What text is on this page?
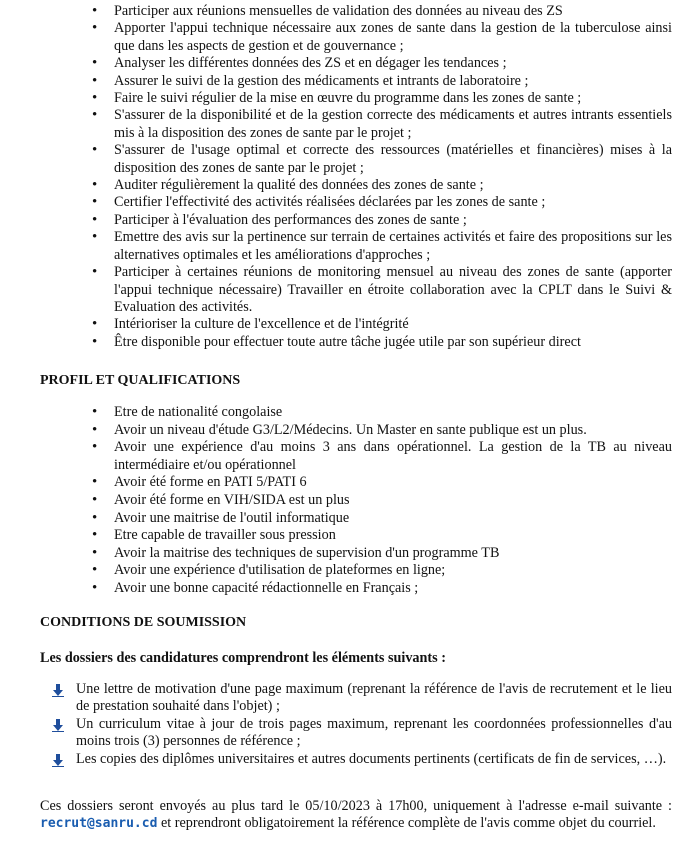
• Participer aux réunions mensuelles de validation des données au niveau des ZS
• Apporter l'appui technique nécessaire aux zones de sante dans la gestion de la tuberculose ainsi que dans les aspects de gestion et de gouvernance ;
• Analyser les différentes données des ZS et en dégager les tendances ;
• Assurer le suivi de la gestion des médicaments et intrants de laboratoire ;
• Faire le suivi régulier de la mise en œuvre du programme dans les zones de sante ;
• S'assurer de la disponibilité et de la gestion correcte des médicaments et autres intrants essentiels mis à la disposition des zones de sante par le projet ;
• S'assurer de l'usage optimal et correcte des ressources (matérielles et financières) mises à la disposition des zones de sante par le projet ;
• Auditer régulièrement la qualité des données des zones de sante ;
• Certifier l'effectivité des activités réalisées déclarées par les zones de sante ;
• Participer à l'évaluation des performances des zones de sante ;
• Emettre des avis sur la pertinence sur terrain de certaines activités et faire des propositions sur les alternatives optimales et les améliorations d'approches ;
• Participer à certaines réunions de monitoring mensuel au niveau des zones de sante (apporter l'appui technique nécessaire) Travailler en étroite collaboration avec la CPLT dans le Suivi & Evaluation des activités.
• Intérioriser la culture de l'excellence et de l'intégrité
• Être disponible pour effectuer toute autre tâche jugée utile par son supérieur direct
PROFIL ET QUALIFICATIONS
• Etre de nationalité congolaise
• Avoir un niveau d'étude G3/L2/Médecins. Un Master en sante publique est un plus.
• Avoir une expérience d'au moins 3 ans dans opérationnel. La gestion de la TB au niveau intermédiaire et/ou opérationnel
• Avoir été forme en PATI 5/PATI 6
• Avoir été forme en VIH/SIDA est un plus
• Avoir une maitrise de l'outil informatique
• Etre capable de travailler sous pression
• Avoir la maitrise des techniques de supervision d'un programme TB
• Avoir une expérience d'utilisation de plateformes en ligne;
• Avoir une bonne capacité rédactionnelle en Français ;
CONDITIONS DE SOUMISSION
Les dossiers des candidatures comprendront les éléments suivants :
Une lettre de motivation d'une page maximum (reprenant la référence de l'avis de recrutement et le lieu de prestation souhaité dans l'objet) ;
Un curriculum vitae à jour de trois pages maximum, reprenant les coordonnées professionnelles d'au moins trois (3) personnes de référence ;
Les copies des diplômes universitaires et autres documents pertinents (certificats de fin de services, …).
Ces dossiers seront envoyés au plus tard le 05/10/2023 à 17h00, uniquement à l'adresse e-mail suivante : recrut@sanru.cd et reprendront obligatoirement la référence complète de l'avis comme objet du courriel.
